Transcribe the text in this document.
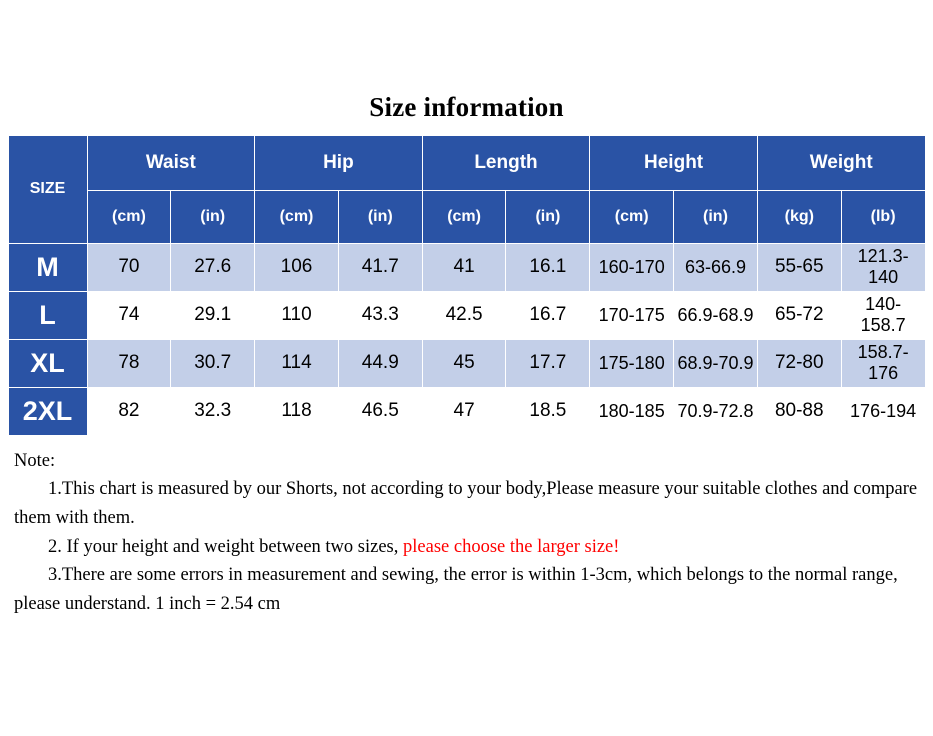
Size information
SIZE	Waist		Hip		Length		Height		Weight	
	(cm)	(in)	(cm)	(in)	(cm)	(in)	(cm)	(in)	(kg)	(lb)
M	70	27.6	106	41.7	41	16.1	160-170	63-66.9	55-65	121.3-140
L	74	29.1	110	43.3	42.5	16.7	170-175	66.9-68.9	65-72	140-158.7
XL	78	30.7	114	44.9	45	17.7	175-180	68.9-70.9	72-80	158.7-176
2XL	82	32.3	118	46.5	47	18.5	180-185	70.9-72.8	80-88	176-194

Note:

1.This chart is measured by our Shorts, not according to your body,Please measure your suitable clothes and compare them with them.

2. If your height and weight between two sizes, please choose the larger size!

3.There are some errors in measurement and sewing, the error is within 1-3cm, which belongs to the normal range, please understand. 1 inch = 2.54 cm
